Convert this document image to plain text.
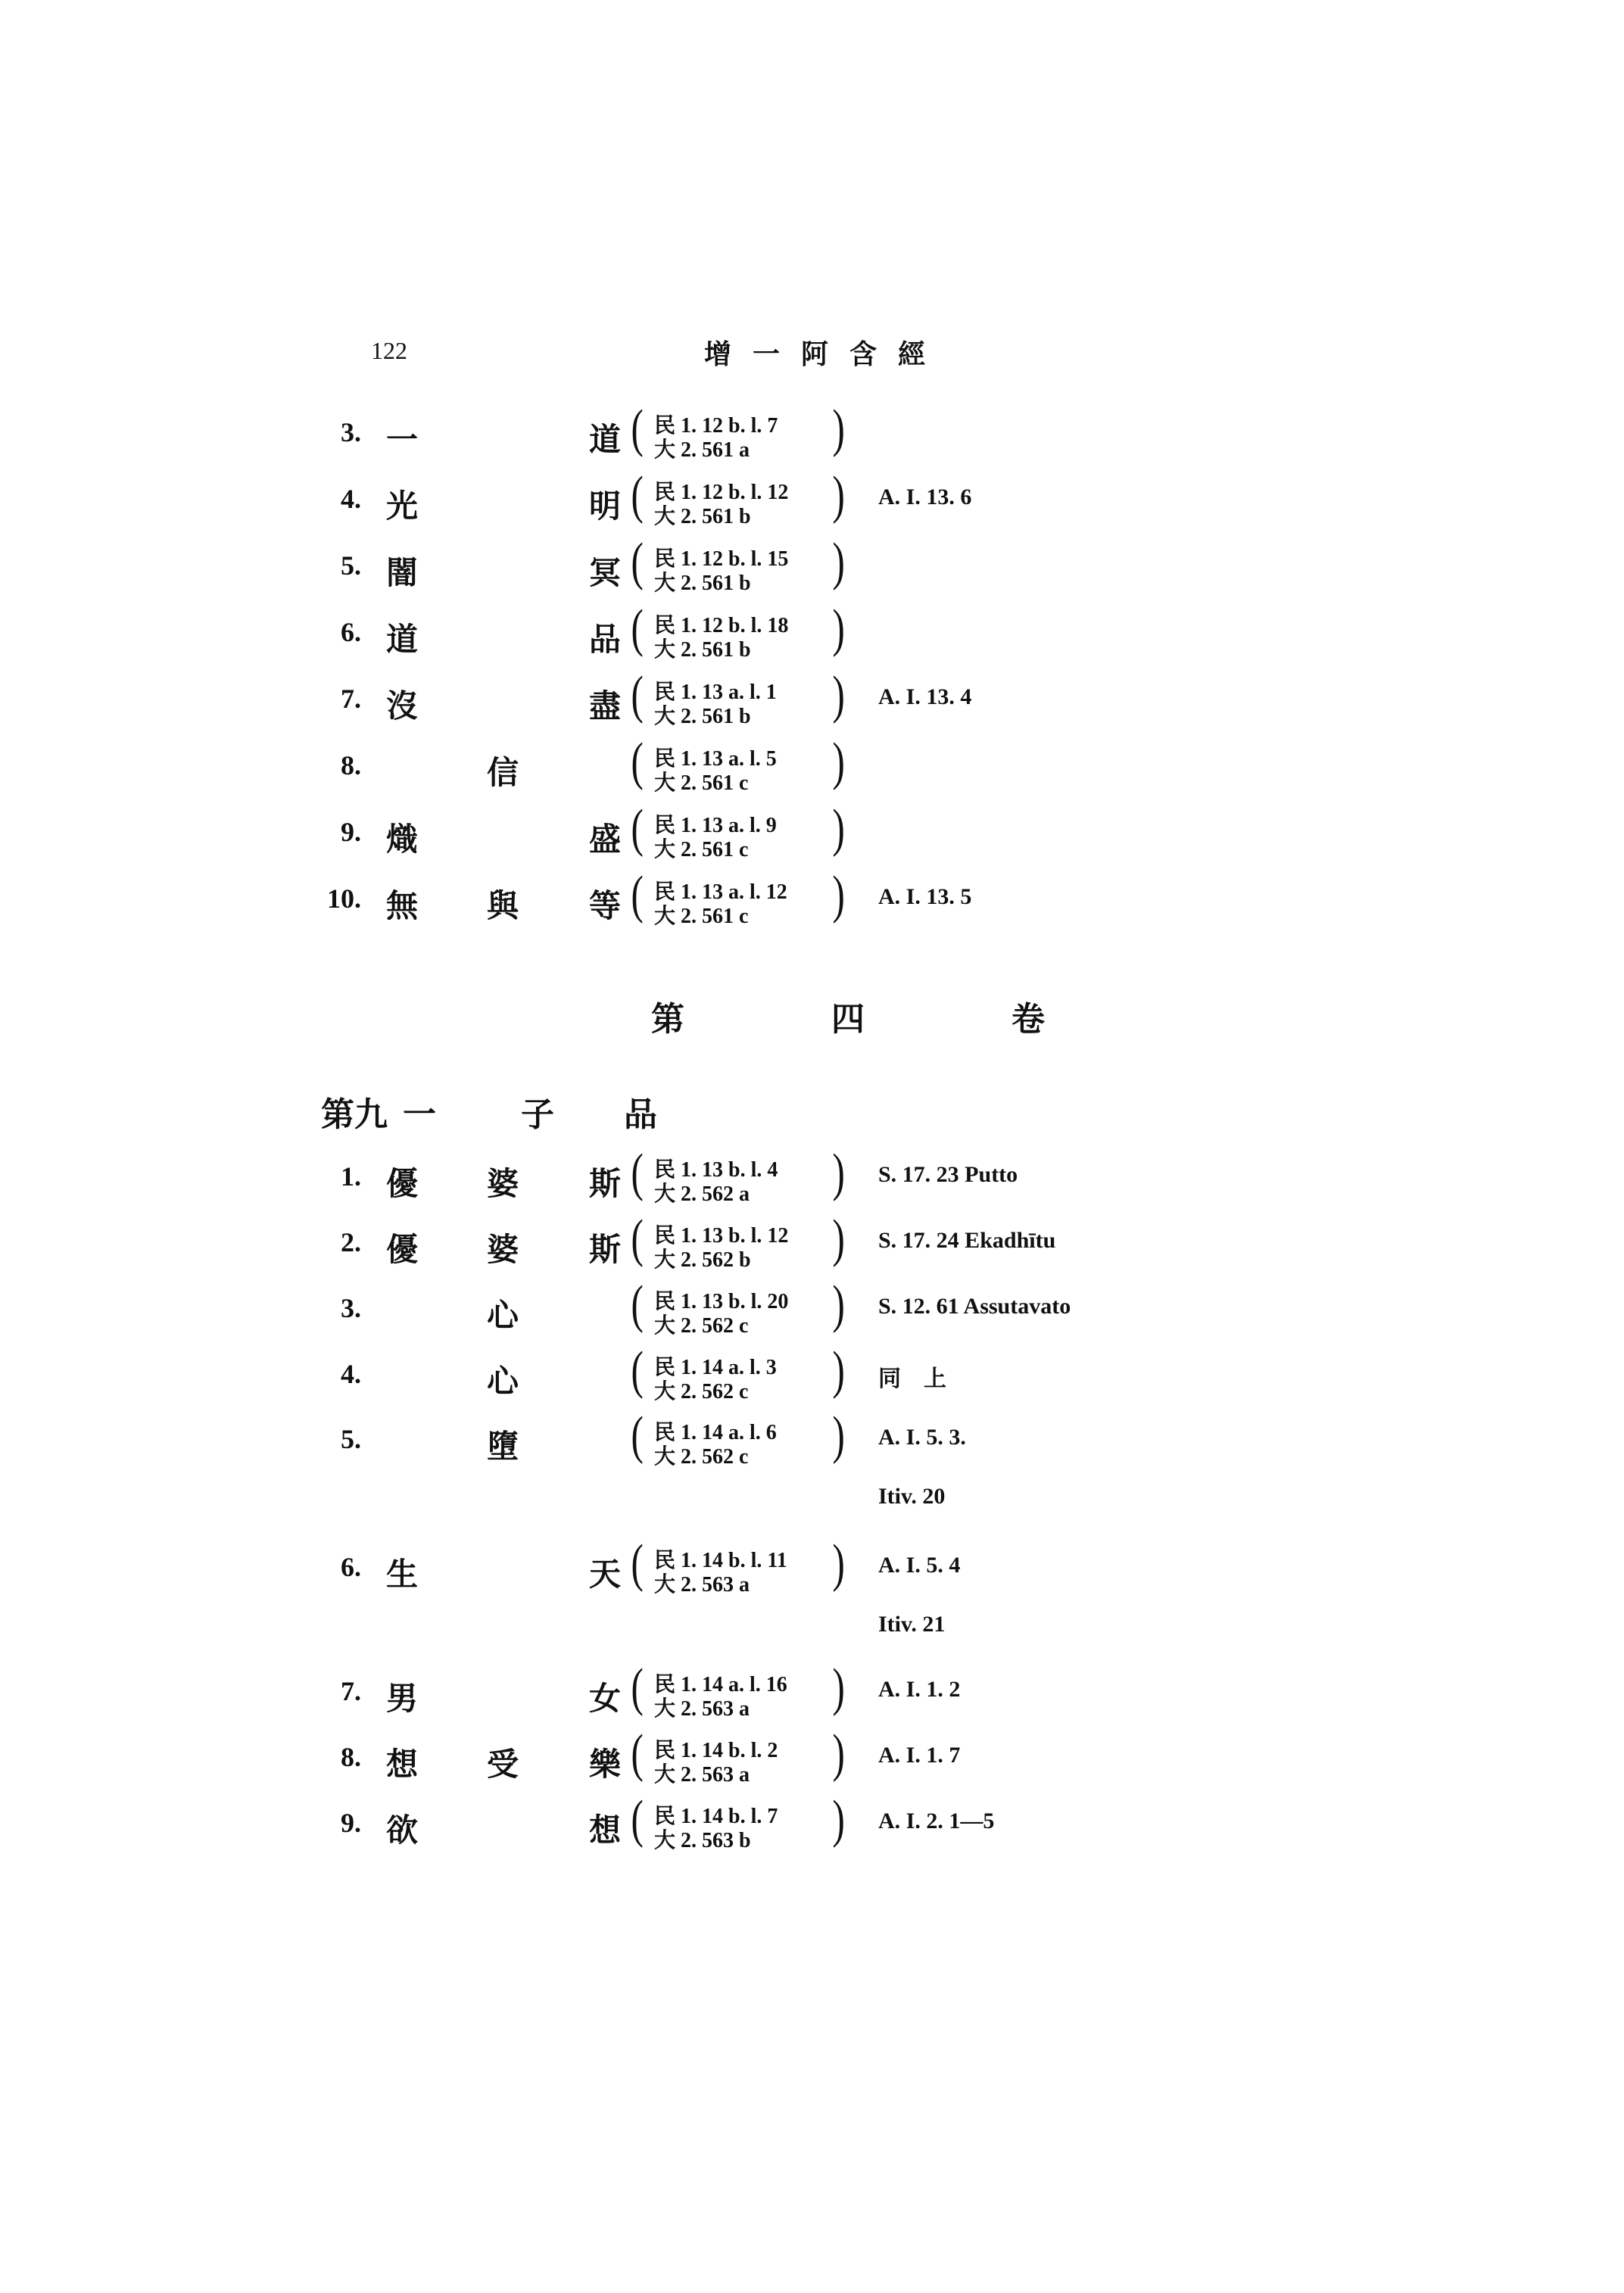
122	增一阿含經
3. 一	道 ( 民 1. 12 b. l. 7
大 2. 561 a )
4. 光	明 ( 民 1. 12 b. l. 12
大 2. 561 b ) A. I. 13. 6
5. 闇	冥 ( 民 1. 12 b. l. 15
大 2. 561 b )
6. 道	品 ( 民 1. 12 b. l. 18
大 2. 561 b )
7. 沒	盡 ( 民 1. 13 a. l. 1
大 2. 561 b ) A. I. 13. 4
8.	信 ( 民 1. 13 a. l. 5
大 2. 561 c )
9. 熾	盛 ( 民 1. 13 a. l. 9
大 2. 561 c )
10. 無 與 等 ( 民 1. 13 a. l. 12
大 2. 561 c ) A. I. 13. 5
第	四	卷
第九 一	子 品
1. 優 婆 斯 ( 民 1. 13 b. l. 4
大 2. 562 a ) S. 17. 23 Putto
2. 優 婆 斯 ( 民 1. 13 b. l. 12
大 2. 562 b ) S. 17. 24 Ekadhītu
3.	心 ( 民 1. 13 b. l. 20
大 2. 562 c ) S. 12. 61 Assutavato
4.	心 ( 民 1. 14 a. l. 3
大 2. 562 c ) 同　上
5.	墮 ( 民 1. 14 a. l. 6
大 2. 562 c ) A. I. 5. 3.
Itiv. 20
6. 生	天 ( 民 1. 14 b. l. 11
大 2. 563 a ) A. I. 5. 4
Itiv. 21
7. 男	女 ( 民 1. 14 a. l. 16
大 2. 563 a ) A. I. 1. 2
8. 想 受 樂 ( 民 1. 14 b. l. 2
大 2. 563 a ) A. I. 1. 7
9. 欲	想 ( 民 1. 14 b. l. 7
大 2. 563 b ) A. I. 2. 1—5
